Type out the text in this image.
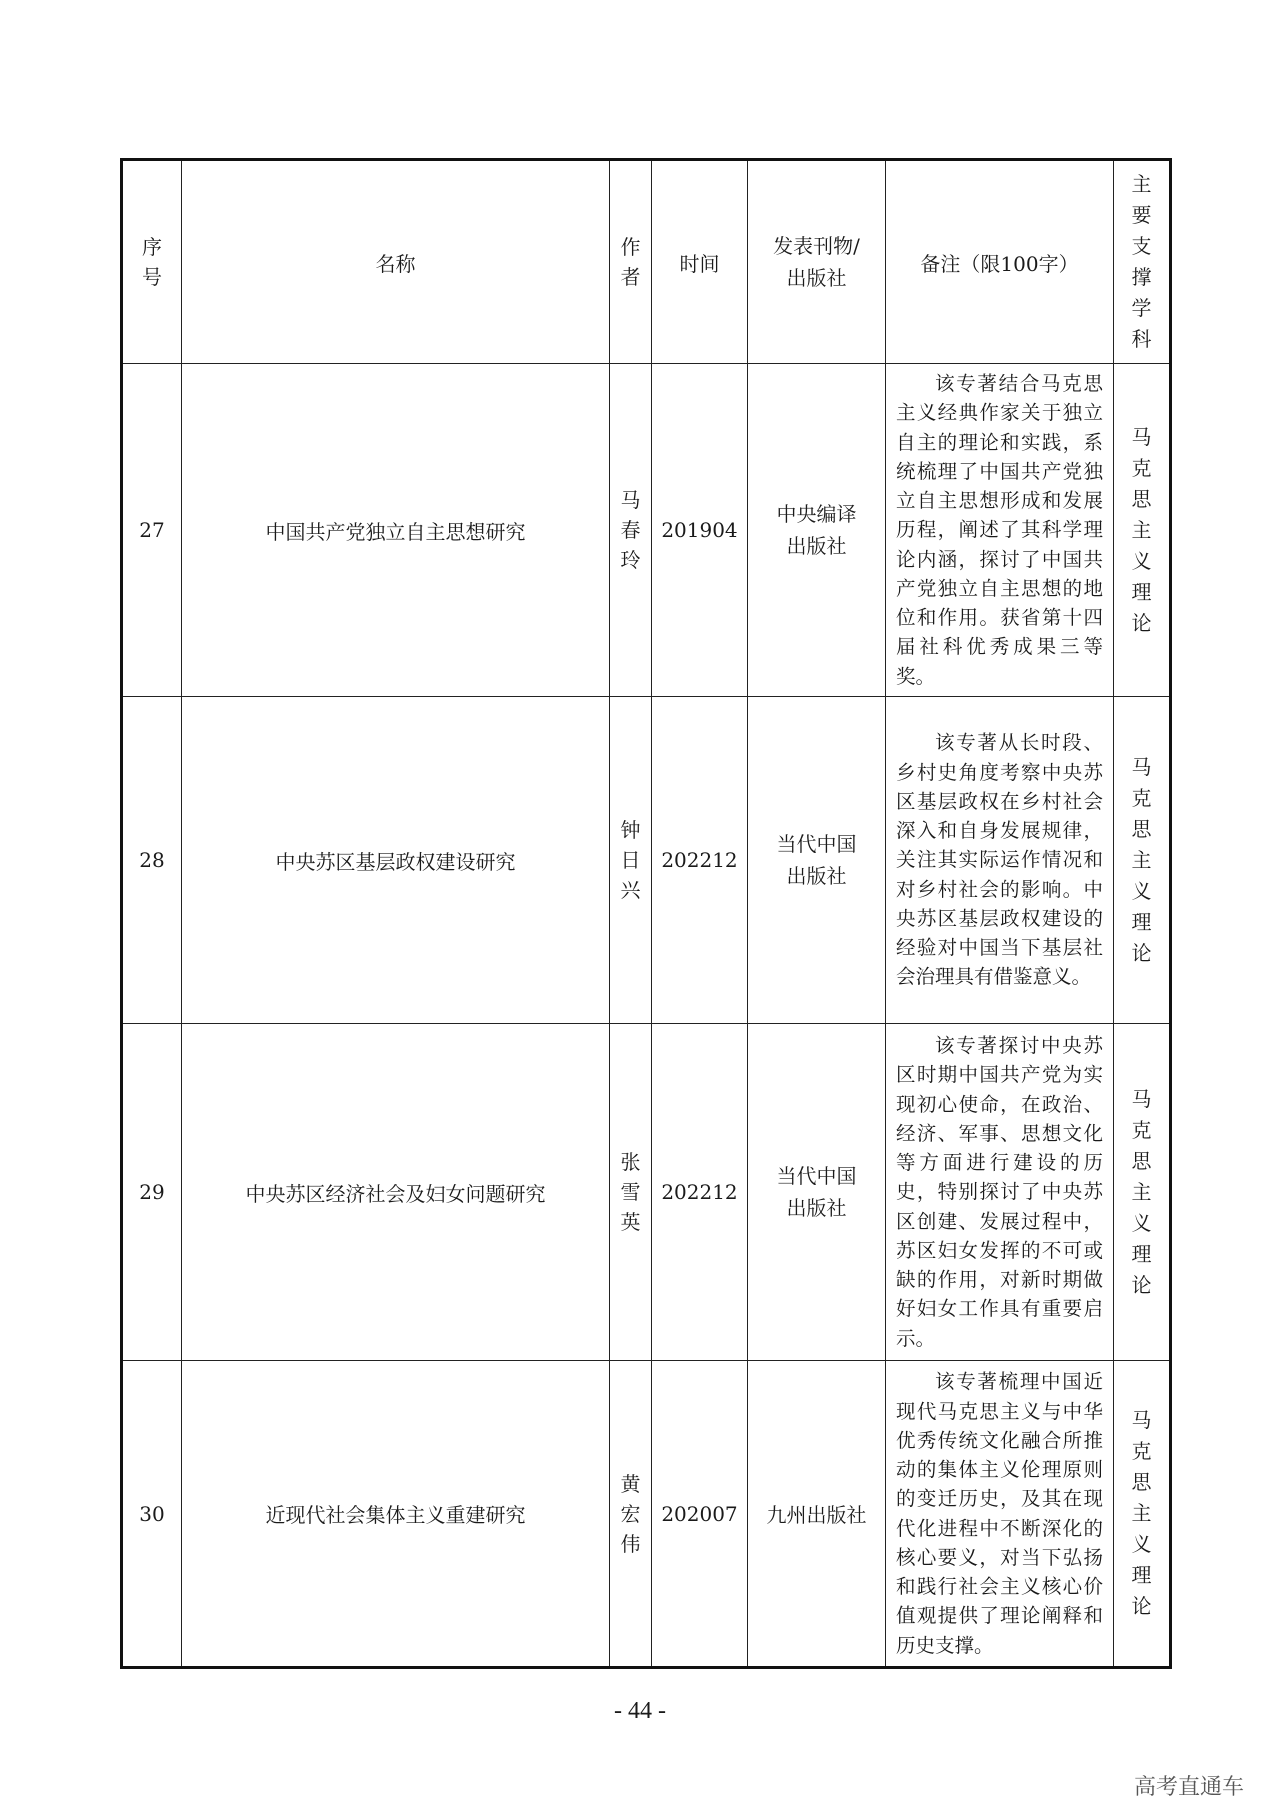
序号	名称	作者	时间	发表刊物/出版社	备注（限100字）	主要支撑学科
27	中国共产党独立自主思想研究	马春玲	201904	中央编译出版社	该专著结合马克思主义经典作家关于独立自主的理论和实践，系统梳理了中国共产党独立自主思想形成和发展历程，阐述了其科学理论内涵，探讨了中国共产党独立自主思想的地位和作用。获省第十四届社科优秀成果三等奖。	马克思主义理论
28	中央苏区基层政权建设研究	钟日兴	202212	当代中国出版社	该专著从长时段、乡村史角度考察中央苏区基层政权在乡村社会深入和自身发展规律，关注其实际运作情况和对乡村社会的影响。中央苏区基层政权建设的经验对中国当下基层社会治理具有借鉴意义。	马克思主义理论
29	中央苏区经济社会及妇女问题研究	张雪英	202212	当代中国出版社	该专著探讨中央苏区时期中国共产党为实现初心使命，在政治、经济、军事、思想文化等方面进行建设的历史，特别探讨了中央苏区创建、发展过程中，苏区妇女发挥的不可或缺的作用，对新时期做好妇女工作具有重要启示。	马克思主义理论
30	近现代社会集体主义重建研究	黄宏伟	202007	九州出版社	该专著梳理中国近现代马克思主义与中华优秀传统文化融合所推动的集体主义伦理原则的变迁历史，及其在现代化进程中不断深化的核心要义，对当下弘扬和践行社会主义核心价值观提供了理论阐释和历史支撑。	马克思主义理论
- 44 -
高考直通车
